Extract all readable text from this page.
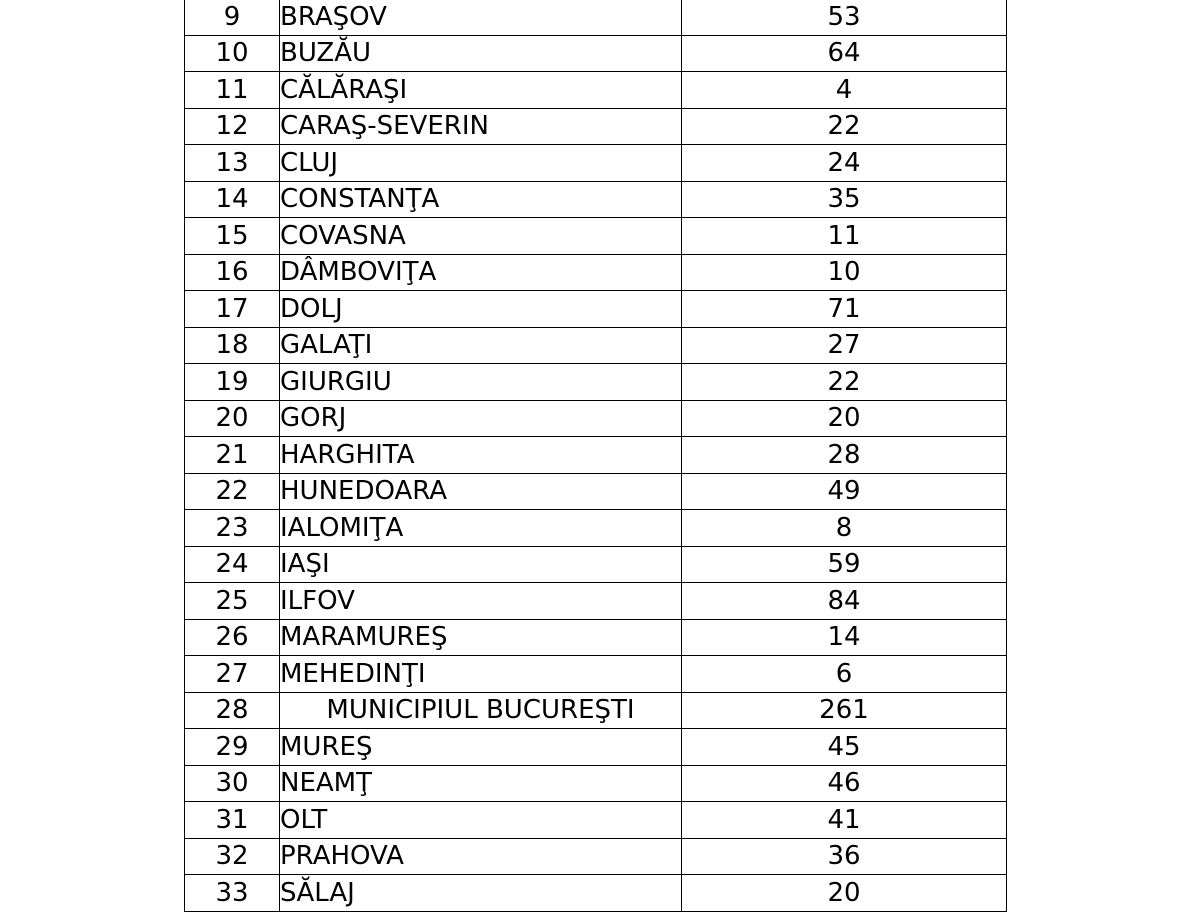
9	BRAŞOV	53
10	BUZĂU	64
11	CĂLĂRAŞI	4
12	CARAŞ-SEVERIN	22
13	CLUJ	24
14	CONSTANŢA	35
15	COVASNA	11
16	DÂMBOVIŢA	10
17	DOLJ	71
18	GALAŢI	27
19	GIURGIU	22
20	GORJ	20
21	HARGHITA	28
22	HUNEDOARA	49
23	IALOMIŢA	8
24	IAŞI	59
25	ILFOV	84
26	MARAMUREŞ	14
27	MEHEDINŢI	6
28	MUNICIPIUL BUCUREŞTI	261
29	MUREŞ	45
30	NEAMŢ	46
31	OLT	41
32	PRAHOVA	36
33	SĂLAJ	20
